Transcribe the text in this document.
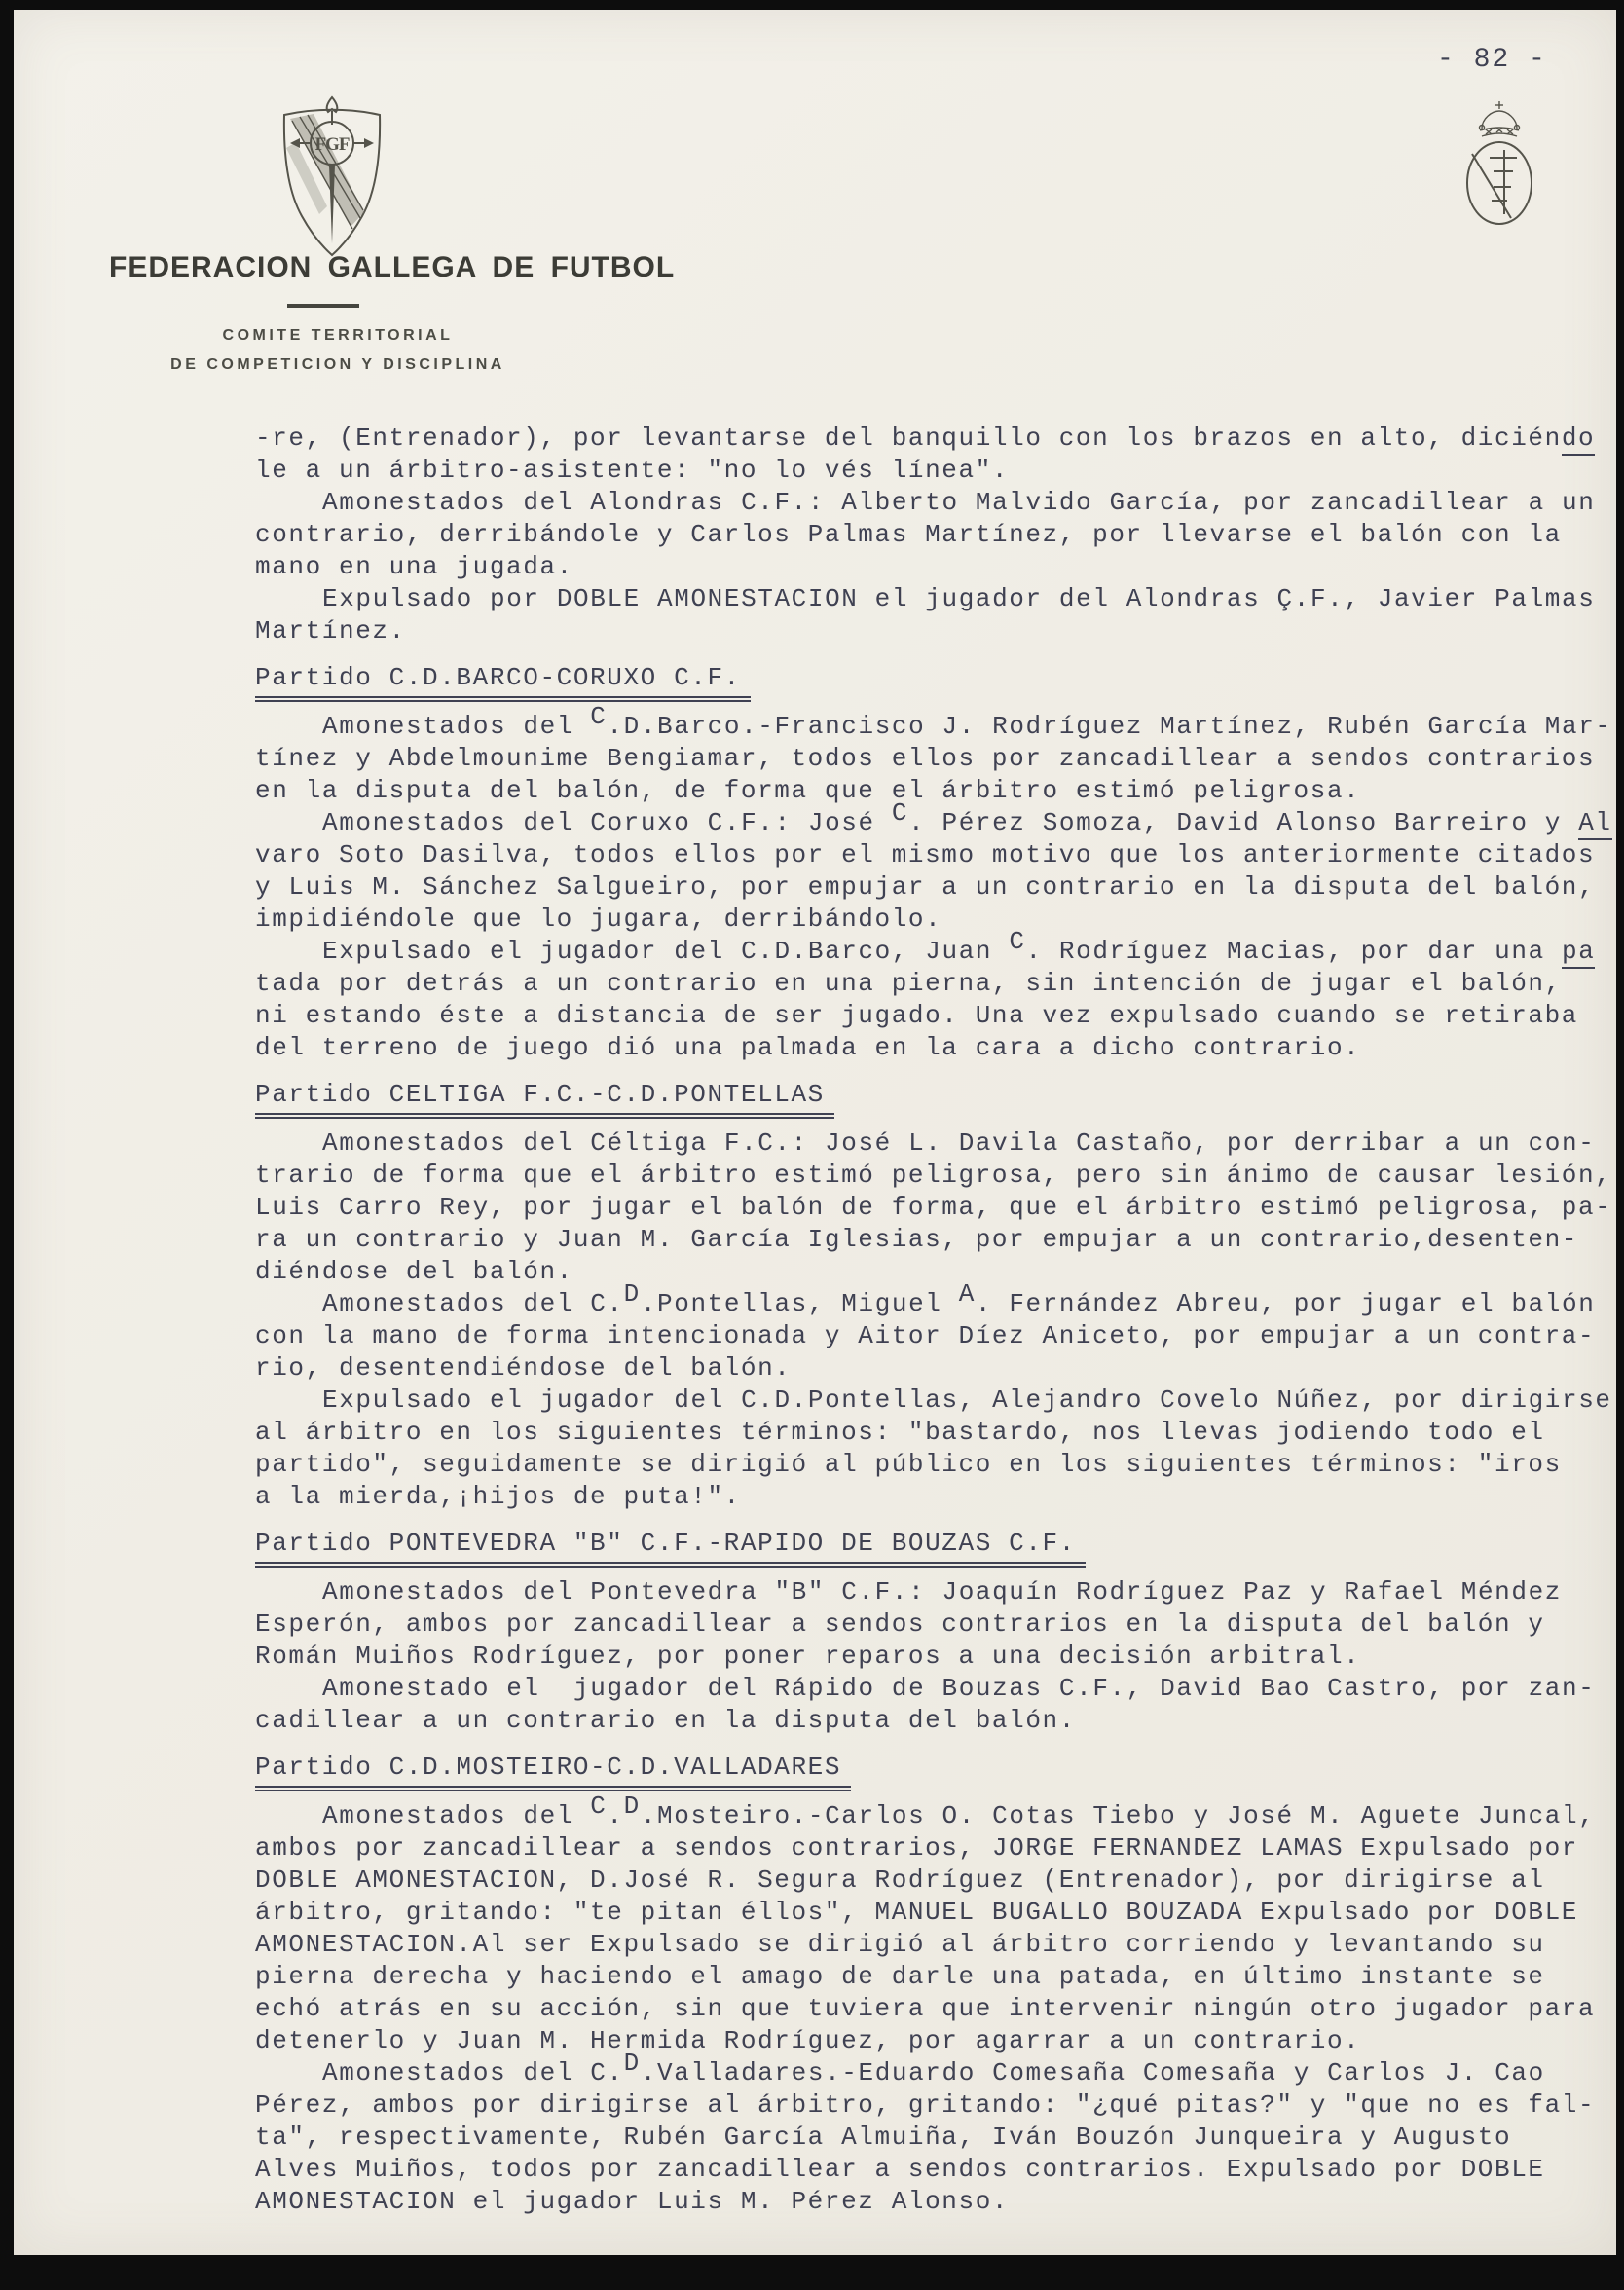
- 82 -
FGF
FEDERACION GALLEGA DE FUTBOL
COMITE TERRITORIAL
DE COMPETICION Y DISCIPLINA
-re, (Entrenador), por levantarse del banquillo con los brazos en alto, diciéndo
le a un árbitro-asistente: "no lo vés línea".
Amonestados del Alondras C.F.: Alberto Malvido García, por zancadillear a un
contrario, derribándole y Carlos Palmas Martínez, por llevarse el balón con la
mano en una jugada.
Expulsado por DOBLE AMONESTACION el jugador del Alondras Ç.F., Javier Palmas
Martínez.
Partido C.D.BARCO-CORUXO C.F.
Amonestados del C.D.Barco.-Francisco J. Rodríguez Martínez, Rubén García Mar-
tínez y Abdelmounime Bengiamar, todos ellos por zancadillear a sendos contrarios
en la disputa del balón, de forma que el árbitro estimó peligrosa.
Amonestados del Coruxo C.F.: José C. Pérez Somoza, David Alonso Barreiro y Al
varo Soto Dasilva, todos ellos por el mismo motivo que los anteriormente citados
y Luis M. Sánchez Salgueiro, por empujar a un contrario en la disputa del balón,
impidiéndole que lo jugara, derribándolo.
Expulsado el jugador del C.D.Barco, Juan C. Rodríguez Macias, por dar una pa
tada por detrás a un contrario en una pierna, sin intención de jugar el balón,
ni estando éste a distancia de ser jugado. Una vez expulsado cuando se retiraba
del terreno de juego dió una palmada en la cara a dicho contrario.
Partido CELTIGA F.C.-C.D.PONTELLAS
Amonestados del Céltiga F.C.: José L. Davila Castaño, por derribar a un con-
trario de forma que el árbitro estimó peligrosa, pero sin ánimo de causar lesión,
Luis Carro Rey, por jugar el balón de forma, que el árbitro estimó peligrosa, pa-
ra un contrario y Juan M. García Iglesias, por empujar a un contrario,desenten-
diéndose del balón.
Amonestados del C.D.Pontellas, Miguel A. Fernández Abreu, por jugar el balón
con la mano de forma intencionada y Aitor Díez Aniceto, por empujar a un contra-
rio, desentendiéndose del balón.
Expulsado el jugador del C.D.Pontellas, Alejandro Covelo Núñez, por dirigirse
al árbitro en los siguientes términos: "bastardo, nos llevas jodiendo todo el
partido", seguidamente se dirigió al público en los siguientes términos: "iros
a la mierda,¡hijos de puta!".
Partido PONTEVEDRA "B" C.F.-RAPIDO DE BOUZAS C.F.
Amonestados del Pontevedra "B" C.F.: Joaquín Rodríguez Paz y Rafael Méndez
Esperón, ambos por zancadillear a sendos contrarios en la disputa del balón y
Román Muiños Rodríguez, por poner reparos a una decisión arbitral.
Amonestado el  jugador del Rápido de Bouzas C.F., David Bao Castro, por zan-
cadillear a un contrario en la disputa del balón.
Partido C.D.MOSTEIRO-C.D.VALLADARES
Amonestados del C.D.Mosteiro.-Carlos O. Cotas Tiebo y José M. Aguete Juncal,
ambos por zancadillear a sendos contrarios, JORGE FERNANDEZ LAMAS Expulsado por
DOBLE AMONESTACION, D.José R. Segura Rodríguez (Entrenador), por dirigirse al
árbitro, gritando: "te pitan éllos", MANUEL BUGALLO BOUZADA Expulsado por DOBLE
AMONESTACION.Al ser Expulsado se dirigió al árbitro corriendo y levantando su
pierna derecha y haciendo el amago de darle una patada, en último instante se
echó atrás en su acción, sin que tuviera que intervenir ningún otro jugador para
detenerlo y Juan M. Hermida Rodríguez, por agarrar a un contrario.
Amonestados del C.D.Valladares.-Eduardo Comesaña Comesaña y Carlos J. Cao
Pérez, ambos por dirigirse al árbitro, gritando: "¿qué pitas?" y "que no es fal-
ta", respectivamente, Rubén García Almuiña, Iván Bouzón Junqueira y Augusto
Alves Muiños, todos por zancadillear a sendos contrarios. Expulsado por DOBLE
AMONESTACION el jugador Luis M. Pérez Alonso.
